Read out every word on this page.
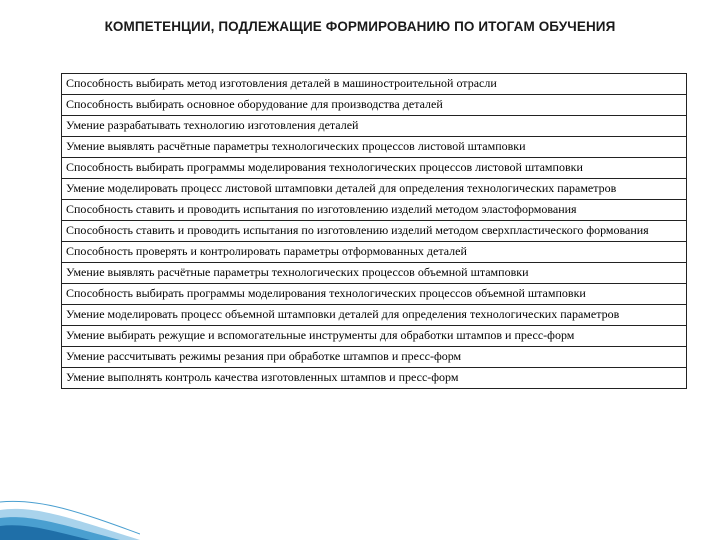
КОМПЕТЕНЦИИ, ПОДЛЕЖАЩИЕ ФОРМИРОВАНИЮ ПО ИТОГАМ ОБУЧЕНИЯ
Способность выбирать метод изготовления деталей в машиностроительной отрасли
Способность выбирать основное оборудование для производства деталей
Умение разрабатывать технологию изготовления деталей
Умение выявлять расчётные параметры технологических процессов листовой штамповки
Способность выбирать программы моделирования технологических процессов листовой штамповки
Умение моделировать процесс листовой штамповки деталей для определения технологических параметров
Способность ставить и проводить испытания по изготовлению изделий методом эластоформования
Способность ставить и проводить испытания по изготовлению изделий методом сверхпластического формования
Способность проверять и контролировать параметры отформованных деталей
Умение выявлять расчётные параметры технологических процессов объемной штамповки
Способность выбирать программы моделирования технологических процессов объемной штамповки
Умение моделировать процесс объемной штамповки деталей для определения технологических параметров
Умение выбирать режущие и вспомогательные инструменты для обработки штампов и пресс-форм
Умение рассчитывать режимы резания при обработке штампов и пресс-форм
Умение выполнять контроль качества изготовленных штампов и пресс-форм
